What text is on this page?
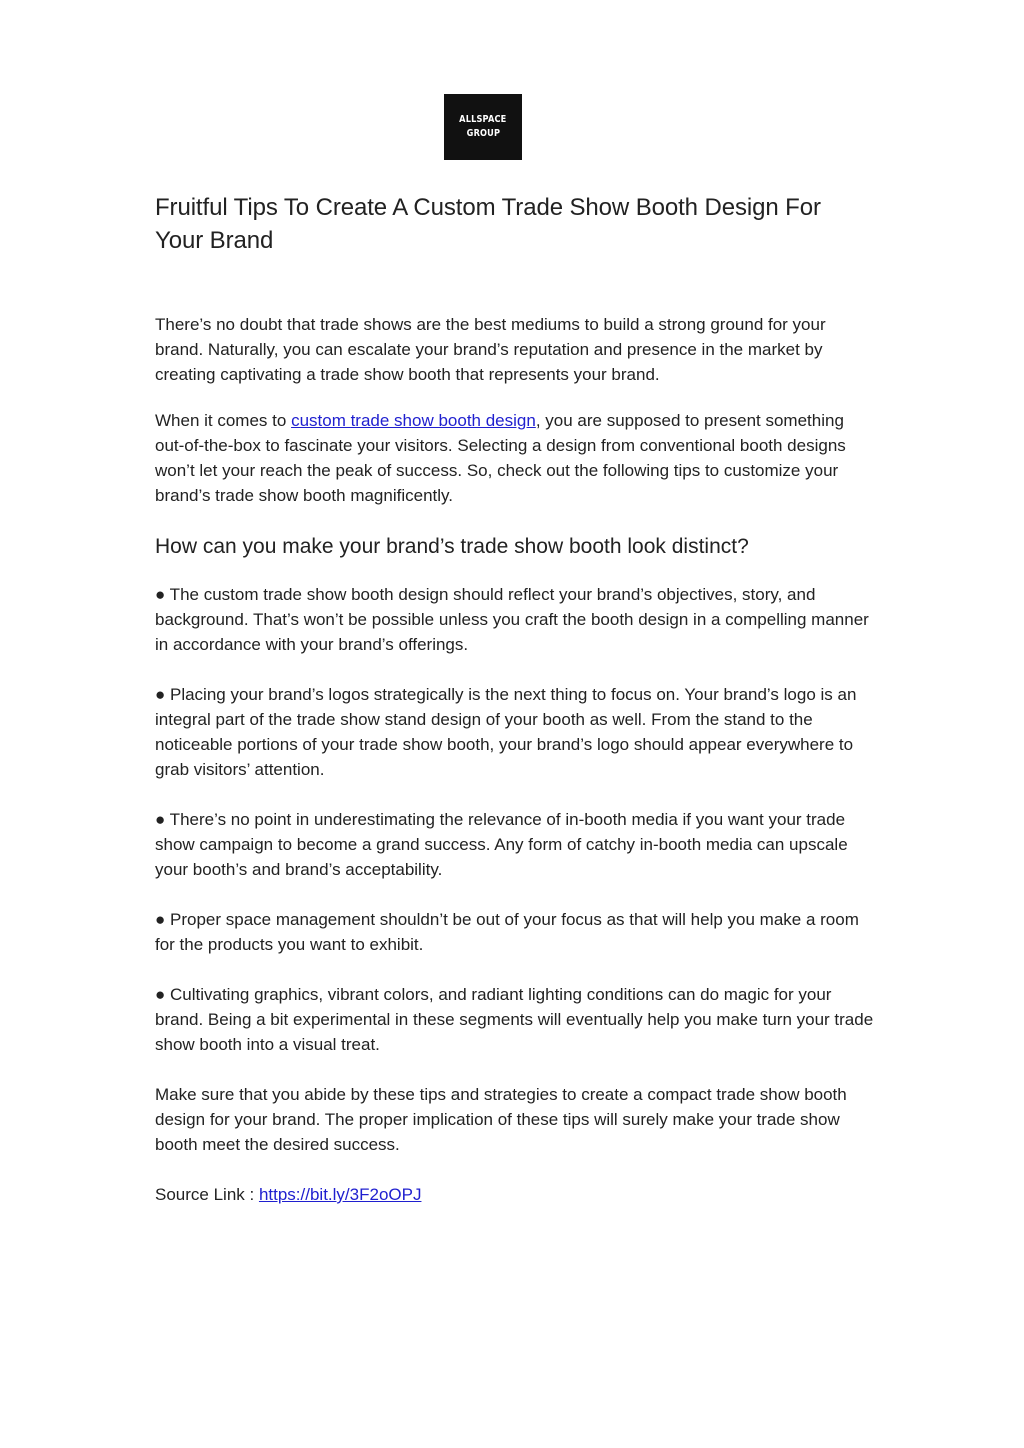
ALLSPACE
GROUP
Fruitful Tips To Create A Custom Trade Show Booth Design For Your Brand

There’s no doubt that trade shows are the best mediums to build a strong ground for your brand. Naturally, you can escalate your brand’s reputation and presence in the market by creating captivating a trade show booth that represents your brand.

When it comes to custom trade show booth design, you are supposed to present something out-of-the-box to fascinate your visitors. Selecting a design from conventional booth designs won’t let your reach the peak of success. So, check out the following tips to customize your brand’s trade show booth magnificently.

How can you make your brand’s trade show booth look distinct?

● The custom trade show booth design should reflect your brand’s objectives, story, and background. That’s won’t be possible unless you craft the booth design in a compelling manner in accordance with your brand’s offerings.

● Placing your brand’s logos strategically is the next thing to focus on. Your brand’s logo is an integral part of the trade show stand design of your booth as well. From the stand to the noticeable portions of your trade show booth, your brand’s logo should appear everywhere to grab visitors’ attention.

● There’s no point in underestimating the relevance of in-booth media if you want your trade show campaign to become a grand success. Any form of catchy in-booth media can upscale your booth’s and brand’s acceptability.

● Proper space management shouldn’t be out of your focus as that will help you make a room for the products you want to exhibit.

● Cultivating graphics, vibrant colors, and radiant lighting conditions can do magic for your brand. Being a bit experimental in these segments will eventually help you make turn your trade show booth into a visual treat.

Make sure that you abide by these tips and strategies to create a compact trade show booth design for your brand. The proper implication of these tips will surely make your trade show booth meet the desired success.

Source Link : https://bit.ly/3F2oOPJ
